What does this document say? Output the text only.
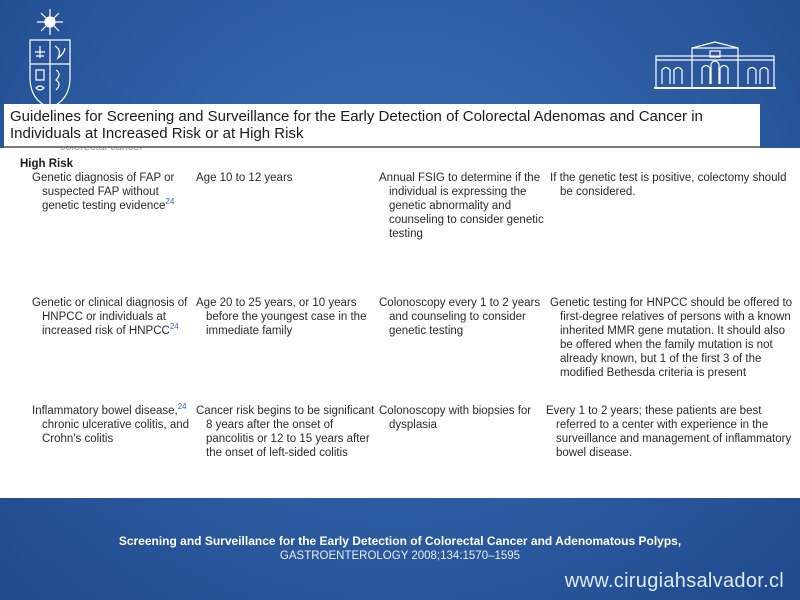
Guidelines for Screening and Surveillance for the Early Detection of Colorectal Adenomas and Cancer in Individuals at Increased Risk or at High Risk
High Risk
Genetic diagnosis of FAP or suspected FAP without genetic testing evidence$^{24}$
Age 10 to 12 years	Annual FSIG to determine if the individual is expressing the genetic abnormality and counseling to consider genetic testing
If the genetic test is positive, colectomy should be considered.
Genetic or clinical diagnosis of HNPCC or individuals at increased risk of HNPCC$^{24}$
Age 20 to 25 years, or 10 years before the youngest case in the immediate family
Colonoscopy every 1 to 2 years and counseling to consider genetic testing
Genetic testing for HNPCC should be offered to first-degree relatives of persons with a known inherited MMR gene mutation. It should also be offered when the family mutation is not already known, but 1 of the first 3 of the modified Bethesda criteria is present
Inflammatory bowel disease,$^{24}$ chronic ulcerative colitis, and Crohn's colitis
Cancer risk begins to be significant 8 years after the onset of pancolitis or 12 to 15 years after the onset of left-sided colitis
Colonoscopy with biopsies for dysplasia
Every 1 to 2 years; these patients are best referred to a center with experience in the surveillance and management of inflammatory bowel disease.
Screening and Surveillance for the Early Detection of Colorectal Cancer and Adenomatous Polyps,
GASTROENTEROLOGY 2008;134:1570–1595
www.cirugiahsalvador.cl
